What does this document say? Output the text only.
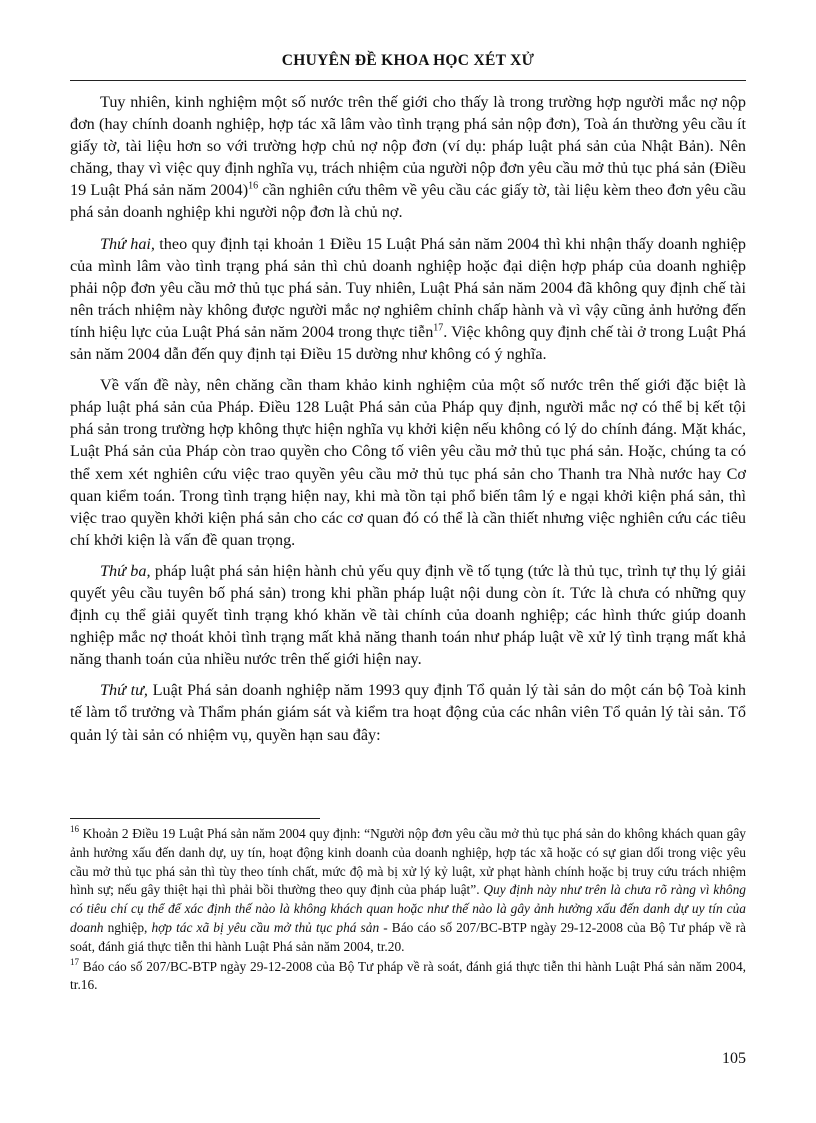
CHUYÊN ĐỀ KHOA HỌC XÉT XỬ

Tuy nhiên, kinh nghiệm một số nước trên thế giới cho thấy là trong trường hợp người mắc nợ nộp đơn (hay chính doanh nghiệp, hợp tác xã lâm vào tình trạng phá sản nộp đơn), Toà án thường yêu cầu ít giấy tờ, tài liệu hơn so với trường hợp chủ nợ nộp đơn (ví dụ: pháp luật phá sản của Nhật Bản). Nên chăng, thay vì việc quy định nghĩa vụ, trách nhiệm của người nộp đơn yêu cầu mở thủ tục phá sản (Điều 19 Luật Phá sản năm 2004)$^{16}$ cần nghiên cứu thêm về yêu cầu các giấy tờ, tài liệu kèm theo đơn yêu cầu phá sản doanh nghiệp khi người nộp đơn là chủ nợ.

Thứ hai, theo quy định tại khoản 1 Điều 15 Luật Phá sản năm 2004 thì khi nhận thấy doanh nghiệp của mình lâm vào tình trạng phá sản thì chủ doanh nghiệp hoặc đại diện hợp pháp của doanh nghiệp phải nộp đơn yêu cầu mở thủ tục phá sản. Tuy nhiên, Luật Phá sản năm 2004 đã không quy định chế tài nên trách nhiệm này không được người mắc nợ nghiêm chỉnh chấp hành và vì vậy cũng ảnh hưởng đến tính hiệu lực của Luật Phá sản năm 2004 trong thực tiễn$^{17}$. Việc không quy định chế tài ở trong Luật Phá sản năm 2004 dẫn đến quy định tại Điều 15 dường như không có ý nghĩa.

Về vấn đề này, nên chăng cần tham khảo kinh nghiệm của một số nước trên thế giới đặc biệt là pháp luật phá sản của Pháp. Điều 128 Luật Phá sản của Pháp quy định, người mắc nợ có thể bị kết tội phá sản trong trường hợp không thực hiện nghĩa vụ khởi kiện nếu không có lý do chính đáng. Mặt khác, Luật Phá sản của Pháp còn trao quyền cho Công tố viên yêu cầu mở thủ tục phá sản. Hoặc, chúng ta có thể xem xét nghiên cứu việc trao quyền yêu cầu mở thủ tục phá sản cho Thanh tra Nhà nước hay Cơ quan kiểm toán. Trong tình trạng hiện nay, khi mà tồn tại phổ biến tâm lý e ngại khởi kiện phá sản, thì việc trao quyền khởi kiện phá sản cho các cơ quan đó có thể là cần thiết nhưng việc nghiên cứu các tiêu chí khởi kiện là vấn đề quan trọng.

Thứ ba, pháp luật phá sản hiện hành chủ yếu quy định về tố tụng (tức là thủ tục, trình tự thụ lý giải quyết yêu cầu tuyên bố phá sản) trong khi phần pháp luật nội dung còn ít. Tức là chưa có những quy định cụ thể giải quyết tình trạng khó khăn về tài chính của doanh nghiệp; các hình thức giúp doanh nghiệp mắc nợ thoát khỏi tình trạng mất khả năng thanh toán như pháp luật về xử lý tình trạng mất khả năng thanh toán của nhiều nước trên thế giới hiện nay.

Thứ tư, Luật Phá sản doanh nghiệp năm 1993 quy định Tổ quản lý tài sản do một cán bộ Toà kinh tế làm tổ trưởng và Thẩm phán giám sát và kiểm tra hoạt động của các nhân viên Tổ quản lý tài sản. Tổ quản lý tài sản có nhiệm vụ, quyền hạn sau đây:

$^{16}$ Khoản 2 Điều 19 Luật Phá sản năm 2004 quy định: “Người nộp đơn yêu cầu mở thủ tục phá sản do không khách quan gây ảnh hưởng xấu đến danh dự, uy tín, hoạt động kinh doanh của doanh nghiệp, hợp tác xã hoặc có sự gian dối trong việc yêu cầu mở thủ tục phá sản thì tùy theo tính chất, mức độ mà bị xử lý kỷ luật, xử phạt hành chính hoặc bị truy cứu trách nhiệm hình sự; nếu gây thiệt hại thì phải bồi thường theo quy định của pháp luật”. Quy định này như trên là chưa rõ ràng vì không có tiêu chí cụ thể để xác định thế nào là không khách quan hoặc như thế nào là gây ảnh hưởng xấu đến danh dự uy tín của doanh nghiệp, hợp tác xã bị yêu cầu mở thủ tục phá sản - Báo cáo số 207/BC-BTP ngày 29-12-2008 của Bộ Tư pháp về rà soát, đánh giá thực tiễn thi hành Luật Phá sản năm 2004, tr.20.

$^{17}$ Báo cáo số 207/BC-BTP ngày 29-12-2008 của Bộ Tư pháp về rà soát, đánh giá thực tiễn thi hành Luật Phá sản năm 2004, tr.16.

105
